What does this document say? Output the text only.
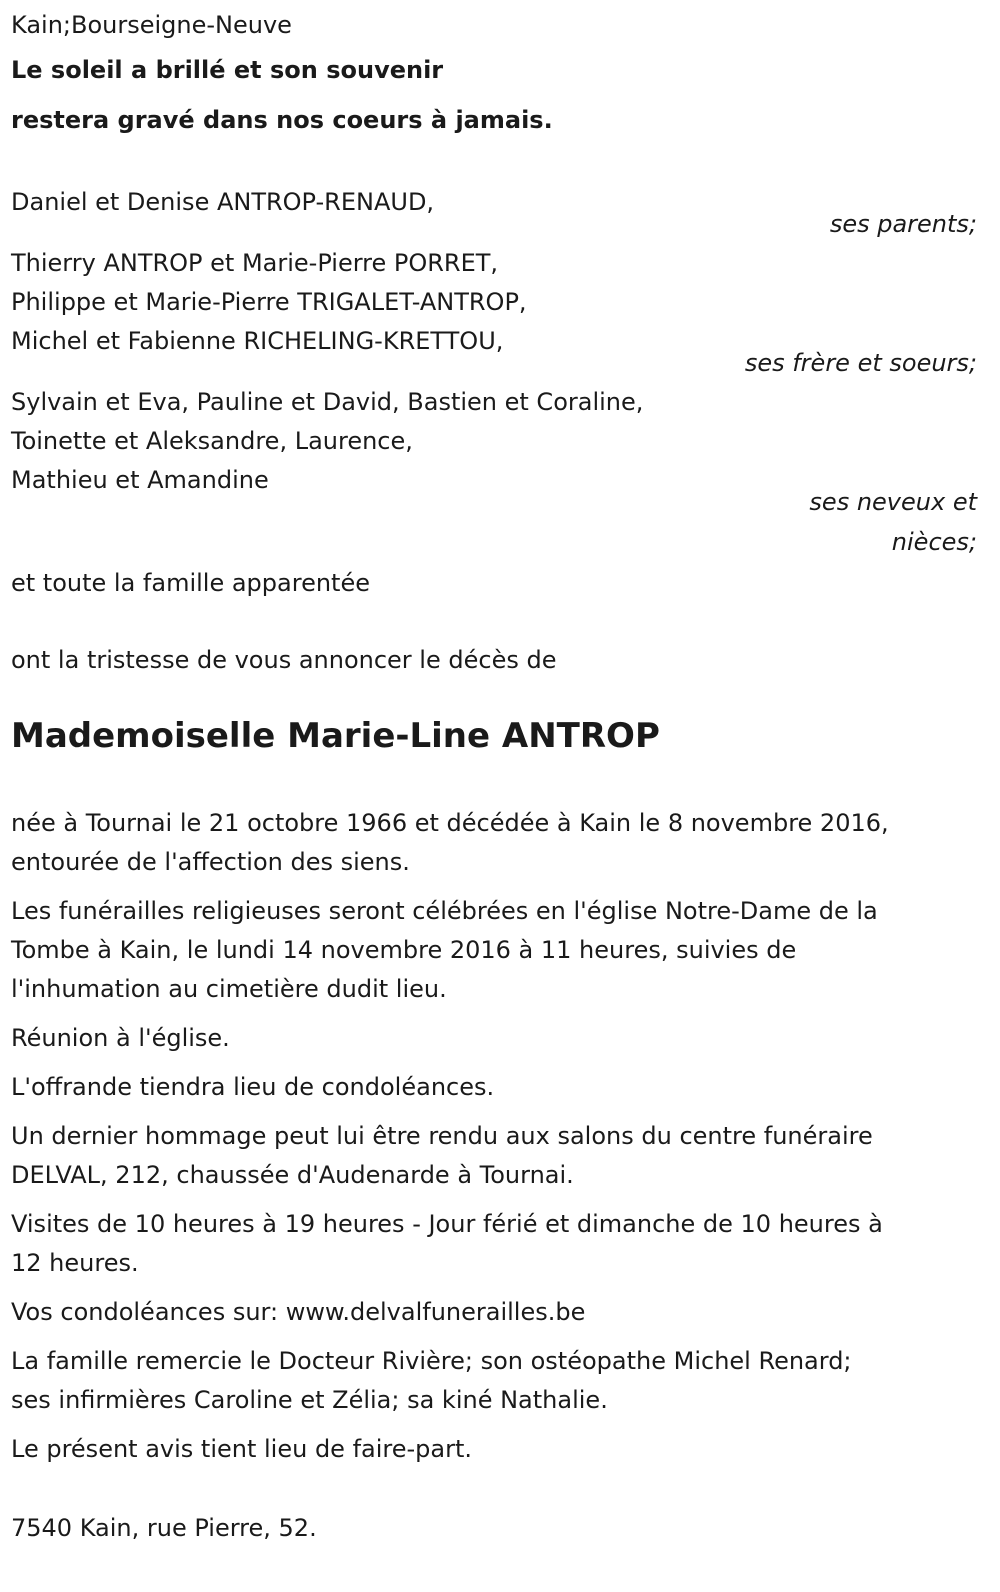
Kain;Bourseigne-Neuve

Le soleil a brillé et son souvenir

restera gravé dans nos coeurs à jamais.

Daniel et Denise ANTROP-RENAUD,

ses parents;

Thierry ANTROP et Marie-Pierre PORRET,

Philippe et Marie-Pierre TRIGALET-ANTROP,

Michel et Fabienne RICHELING-KRETTOU,

ses frère et soeurs;

Sylvain et Eva, Pauline et David, Bastien et Coraline,

Toinette et Aleksandre, Laurence,

Mathieu et Amandine

ses neveux et

nièces;

et toute la famille apparentée

ont la tristesse de vous annoncer le décès de

Mademoiselle Marie-Line ANTROP
née à Tournai le 21 octobre 1966 et décédée à Kain le 8 novembre 2016,
entourée de l'affection des siens.
Les funérailles religieuses seront célébrées en l'église Notre-Dame de la
Tombe à Kain, le lundi 14 novembre 2016 à 11 heures, suivies de
l'inhumation au cimetière dudit lieu.
Réunion à l'église.
L'offrande tiendra lieu de condoléances.
Un dernier hommage peut lui être rendu aux salons du centre funéraire
DELVAL, 212, chaussée d'Audenarde à Tournai.
Visites de 10 heures à 19 heures - Jour férié et dimanche de 10 heures à
12 heures.
Vos condoléances sur: www.delvalfunerailles.be
La famille remercie le Docteur Rivière; son ostéopathe Michel Renard;
ses infirmières Caroline et Zélia; sa kiné Nathalie.
Le présent avis tient lieu de faire-part.

7540 Kain, rue Pierre, 52.
